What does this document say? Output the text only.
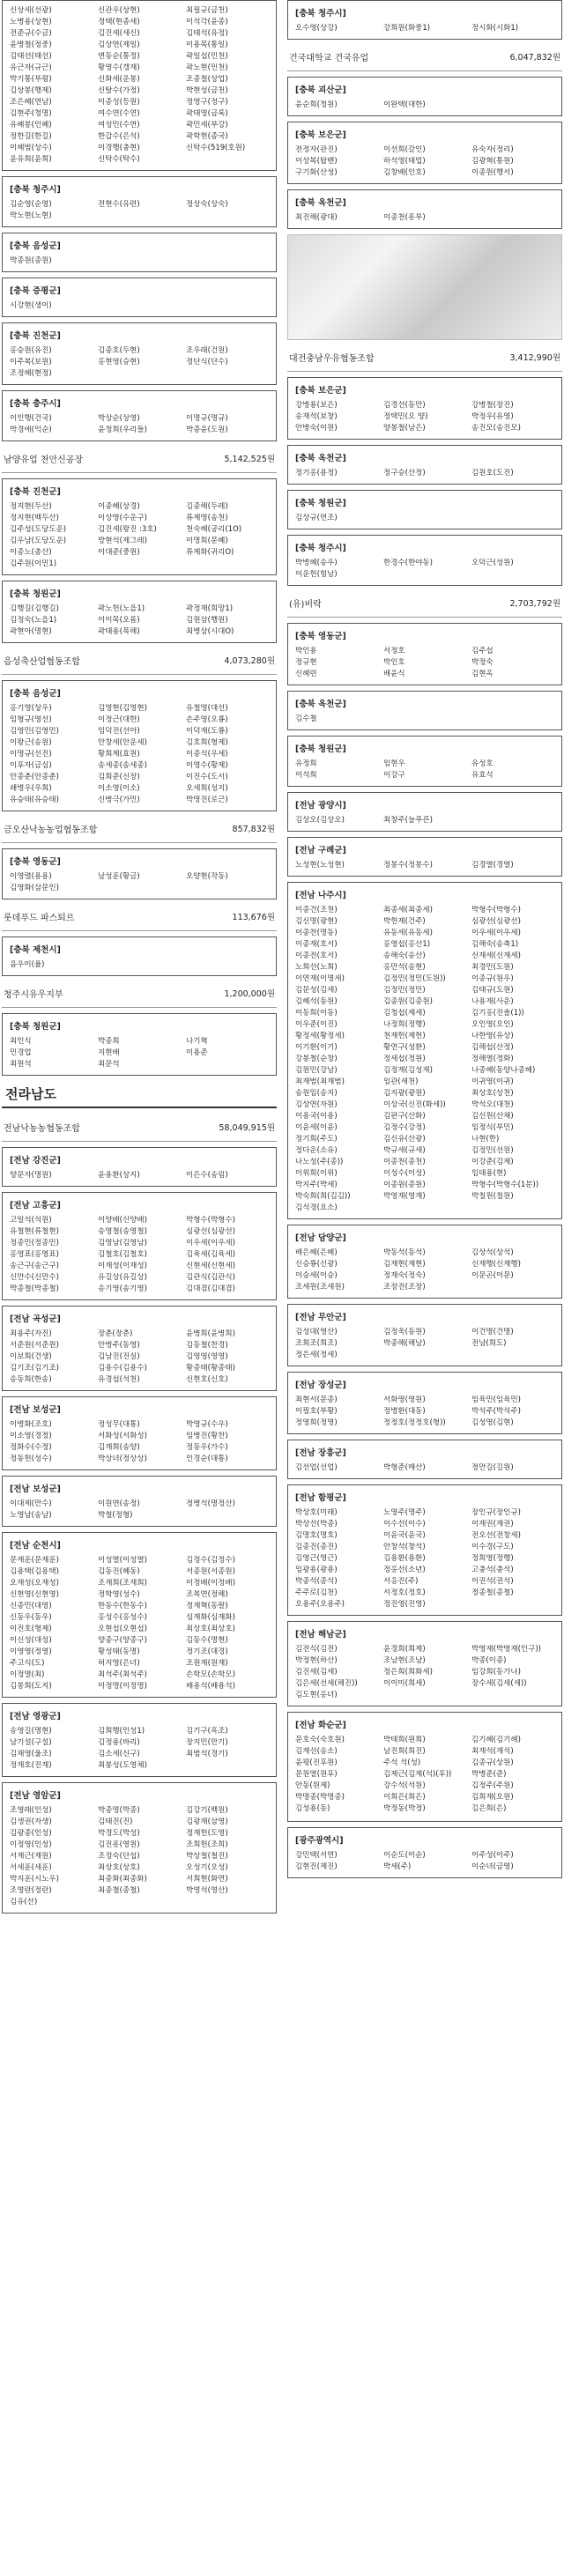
신상세(선광)	신관우(상현)	최필규(금천)
노병용(상현)	정택(현종세)	이석각(윤종)
전준규(수금)	김진세(새신)	김태석(유정)
윤병철(정중)	김상연(제일)	이용목(통일)
김태선(태선)	변동순(통정)	곽일섭(민천)
유근자(규근)	황영수(갱재)	곽노현(민천)
박기통(부평)	신화세(운봉)	조종철(상업)
김상봉(행제)	신탈수(가정)	박현성(금천)
조은혜(연남)	이종성(등원)	정영구(정구)
김현주(청명)	여수연(수연)	곽태영(금록)
유혜봉(인혜)	여성민(수연)	곽민세(부강)
정한길(한길)	한갑수(은석)	곽학현(종국)
이혜범(상수)	이경행(충현)	신탁수(519(호원)
윤유희(윤희)	신탁수(탁수)
[충북 청주시]
김순영(순영)	전현수(유련)	정상숙(상숙)
박노현(노현)
[충북 음성군]
박종원(종원)
[충북 증평군]
시강현(생이)
[충북 진천군]
홍승원(유진)	김종호(두현)	조우래(건원)
이주복(보원)	홍현영(승현)	정단식(단수)
조정혜(현정)
[충북 충주시]
이인행(건국)	박상순(상영)	이명규(명규)
박경애(익순)	윤청희(우리들)	박종윤(도원)
남양유업 천안신공장	5,142,525원
[충북 진천군]
정지현(두산)	이종혜(상경)	김종해(두레)
정지현(백두산)	이상영(수운구)	류제영(송천)
김주성(도당도운)	김진세(왕진 :3호)	천숙혜(궁리(1O)
김우남(도당도운)	방현석(제그레)	이명희(문혜)
이종노(총산)	이대준(중원)	류제화(귀리O)
김주원(이민1)
[충북 청원군]
김행길(김행길)	곽노헌(노을1)	곽정재(희망1)
김정숙(노을1)	이이목(오롬)	김원삼(행원)
곽현아(명현)	곽태용(목해)	최병삼(시대O)
음성축산업협동조합	4,073,280원
[충북 음성군]
홍기영(상우)	김영현(김영현)	유철영(대선)
임형규(영선)	이정근(대한)	손주영(오룡)
김영민(김영민)	임덕진(선아)	이덕재(도룡)
이왕근(송원)	안창세(안운세)	김호희(형제)
이명규(선진)	황희제(효원)	이종석(우세)
이후자(금심)	송세종(송세종)	이영수(황제)
안종춘(안종춘)	김희준(신장)	이진수(도서)
쇄병우(우희)	이소영(이소)	오세희(성지)
유승태(유승태)	신병극(가민)	박명진(로근)
금오산낙농농업협동조합	857,832원
[충북 영동군]
이영렬(용용)	남성훈(황금)	오양현(작동)
김영화(삼문인)
롯데푸드 파스퇴르	113,676원
[충북 제천시]
음우미(율)
청주시유우지부	1,200,000원
[충북 청원군]
최인식	박종희	나기혁
민경업	지현배	이용준
최원석	최문석
전라남도
전남낙농농협동조합	58,049,915원
[전남 강진군]
양문자(명원)	윤용환(상지)	이은수(송림)
[전남 고흥군]
고일석(석원)	이양배(신양배)	박형수(박형수)
유철현(류철현)	송영철(송영철)	심광선(심광선)
정종민(정종민)	김영남(김영남)	이우세(이우세)
홍영표(홍영표)	김철호(김철호)	김육세(김육세)
송근구(송근구)	이재성(이재성)	신현세(신현세)
신만수(신만수)	유길상(유길상)	김관식(김관식)
박종철(박종철)	송기영(송기영)	김대겸(김대겸)
[전남 곡성군]
최용주(자진)	장춘(장춘)	윤병희(윤병희)
서준원(서준원)	안병주(동영)	김동철(찬경)
이보희(건생)	김남진(진실)	김영영(영영)
김기조(김기조)	김용수(김용수)	황종태(황종태)
송동희(한송)	유경섭(석천)	신현호(신호)
[전남 보성군]
이병화(조호)	정성무(대통)	박영규(수우)
이소영(경정)	서화성(서화성)	임병진(황찬)
정화수(수정)	김재희(송양)	정동우(가수)
정동헌(성수)	박상녀(정상상)	인경순(대통)
[전남 보성군]
이대제(만수)	이원연(송정)	정병석(명정산)
노영남(송남)	박철(정형)
[전남 순천시]
문재훈(문재훈)	이성열(이성열)	김정수(김정수)
김용택(김용택)	김동진(혜동)	서종원(서종원)
오재성(오재성)	조재희(조재희)	이정배(이정배)
신현영(신현영)	정학영(성수)	조복연(정해)
신종민(대영)	한동수(한동수)	정재혁(동팔)
신동우(동우)	홍성수(홍성수)	심재화(심재화)
이진호(형제)	오현섭(오현섭)	최상호(최상호)
이신성(대성)	양종구(양종구)	김동수(명현)
이영영(정영)	황성태(동명)	정기조(대경)
주고식(도)	허지영(은녀)	조원재(원재)
이정열(최)	최석주(최석주)	손학모(손학모)
김봉희(도지)	이정명(이정명)	배용석(배용석)
[전남 영광군]
송영길(명현)	김희행(인성1)	김기구(흑조)
남기설(구설)	김정용(바리)	장지민(만기)
김채영(울조)	김소세(신구)	최범석(경기)
정재호(진재)	최봉성(도영체)
[전남 영암군]
조영래(인성)	박종명(박종)	김강기(백원)
김생권(자생)	김태진(진)	김광재(삼영)
김광종(인성)	박경도(박성)	정재헌(도영)
이정영(인성)	김진흥(영원)	조희헌(조희)
서재근(재원)	조정숙(단섭)	박상철(철진)
서세훈(세훈)	최상호(상호)	오성기(오성)
박지훈(시노우)	최종화(최종화)	서희현(화연)
조영란(정란)	최종철(종철)	박영석(영산)
김유(산)
[충북 청주시]
오수영(상강)	강희원(화풍1)	정시화(시화1)
건국대학교 건국유업	6,047,832원
[충북 괴산군]
윤순희(청원)	이완택(대한)
[충북 보은군]
전정자(관진)	이선희(갈인)	유숙자(정리)
이상복(탑밴)	하석영(태업)	김광혁(통원)
구기화(산성)	김창배(인호)	이종원(행서)
[충북 옥천군]
최진해(광대)	이종천(흥부)
대전충남우유협동조합	3,412,990원
[충북 보은군]
강병용(보은)	김경선(동만)	강병철(장진)
송재석(보창)	정택민(오 양)	박정우(유영)
안병숙(이원)	양봉철(남은)	송진모(송진모)
[충북 옥천군]
정기홍(용정)	정구승(산정)	김원호(도진)
[충북 청원군]
김상규(연조)
[충북 청주시]
박병혜(송우)	한경수(한야동)	오덕근(성원)
이운헌(힘남)
(유)비락	2,703,792원
[충북 영동군]
박인용	서정호	김주섭
정규현	박인호	박정숙
신혜련	배윤식	김현옥
[충북 옥천군]
김수철
[충북 청원군]
유정희	임현우	유성호
이석희	이강구	유효식
[전남 광양시]
김상오(김상오)	최창주(늘푸른)
[전남 구례군]
노성현(노성현)	정봉수(정봉수)	김경열(경열)
[전남 나주시]
이종건(조천)	최종세(최종세)	박형수(박형수)
김신명(광현)	박헌재(건주)	심광선(심광선)
이종찬(명동)	유동세(유동세)	이우세(이우세)
이종재(호서)	홍영섭(홍산1)	김해숙(송축1)
이종전(호서)	송해숙(송산)	신재세(신재세)
노희선(노희)	홍만석(송현)	최경민(도원)
이연재(이명세)	김정민(정민(도원))	이종규(원우)
김문성(김세)	김정민(정민)	김태규(도원)
김혜석(동원)	김종원(김종원)	나용재(사운)
이동희(이동)	김청섭(제세)	김기홍(진솔(1))
이우준(이진)	나정희(정행)	오인영(오인)
황정세(황정세)	천재헌(제헌)	나한영(유상)
이기환(이기)	황연구(성환)	김해섭(산정)
강봉철(순창)	정세섭(정원)	정해열(정화)
김원민(강남)	김정재(김성재)	나종혜(동양나종혜)
최재범(최재범)	임관(새천)	이귀영(이귀)
송원임(송지)	김지광(광원)	최상호(상천)
김상연(자원)	이상국(신진(화세))	박석오(대천)
이용국(이용)	김판구(산화)	김신원(산채)
이윤세(이윤)	김정수(강정)	임정식(부민)
정기희(주도)	김신유(산광)	나현(한)
정다운(소유)	박규세(규세)	김정민(선원)
나노성(주(종))	이종천(종천)	이강준(김제)
이위희(이위)	이성수(이성)	임태용(현)
박지주(박세)	이종원(종원)	박형수(박형수(1분))
박숙희(희(김김))	박영재(영재)	박칠원(칠원)
김석경(요소)
[전남 담양군]
배은혜(은혜)	박동석(동석)	김상석(상석)
신승룡(신광)	김재현(재현)	신재행(신재행)
이승세(이승)	정재숙(정숙)	이문곤(이문)
조세원(조세원)	조장진(조장)
[전남 무안군]
김성대(영산)	김정욱(동원)	이건명(건명)
조희조(희조)	박종해(해남)	전남(희도)
정은세(정세)
[전남 장성군]
최현서(문종)	서화영(영원)	임육민(임육민)
이필호(부황)	정병환(대동)	박석주(박석주)
정영희(정영)	정정호(정정호(형))	김성영(김현)
[전남 장흥군]
김선업(선업)	박형준(매산)	정만길(길원)
[전남 함평군]
박상호(미래)	노영주(명주)	장인규(장인규)
박상선(박종)	이수선(이수)	이재권(재권)
김명호(명호)	이윤국(윤국)	전오선(전창세)
김종진(종진)	안창석(창석)	이수경(구도)
김영근(영근)	김용환(용환)	정희영(정행)
임광용(광용)	정홍선(소년)	고충석(충석)
박종석(종석)	서응진(주)	이권석(권석)
주주로(김천)	서정호(정호)	정종철(종철)
오용주(오용주)	정진영(진영)
[전남 해남군]
김전식(김전)	윤경희(희제)	박영재(박영재(인구))
박정현(하산)	조남현(조남)	박종(이종)
김진세(김세)	정은희(희화세)	임강희(동가나)
김은세(선세(해진))	이이미(희세)	장수세(김세(세))
김도현(홍녀)
[전남 화순군]
문호숙(숙호원)	박태희(원희)	김기혜(김기혜)
김재선(송소)	남진희(희진)	최재석(재석)
윤평(진후원)	주석 석(성)	김종규(상원)
문원열(원후)	김제근(김제(석)(후))	박병준(준)
안동(원제)	강수석(석원)	김정주(주원)
박명종(박명종)	이희은(희은)	김희재(오원)
김성용(동)	박정동(박정)	김은희(은)
[광주광역시]
강민택(서연)	이순도(이순)	이주성(이주)
김현진(제진)	박세(주)	이순녀(금영)
